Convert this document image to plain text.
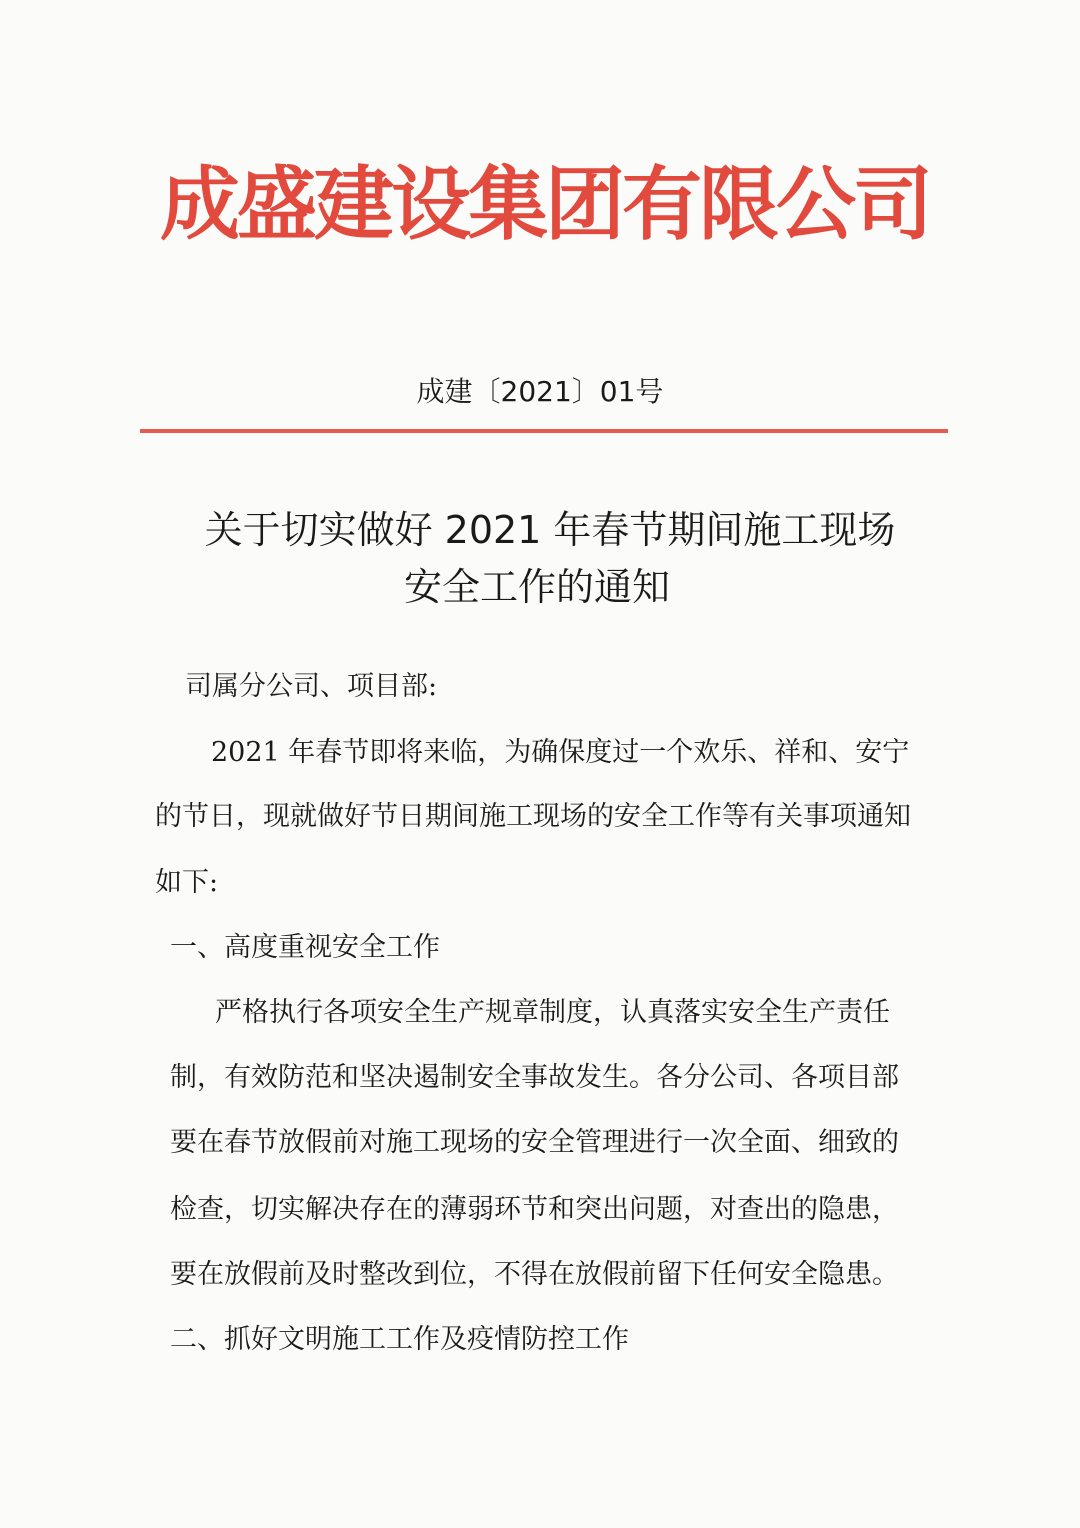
成盛建设集团有限公司
成建〔2021〕01号
关于切实做好 2021 年春节期间施工现场
安全工作的通知
司属分公司、项目部:
2021 年春节即将来临，为确保度过一个欢乐、祥和、安宁
的节日，现就做好节日期间施工现场的安全工作等有关事项通知
如下:
一、高度重视安全工作
严格执行各项安全生产规章制度，认真落实安全生产责任
制，有效防范和坚决遏制安全事故发生。各分公司、各项目部
要在春节放假前对施工现场的安全管理进行一次全面、细致的
检查，切实解决存在的薄弱环节和突出问题，对查出的隐患，
要在放假前及时整改到位，不得在放假前留下任何安全隐患。
二、抓好文明施工工作及疫情防控工作
